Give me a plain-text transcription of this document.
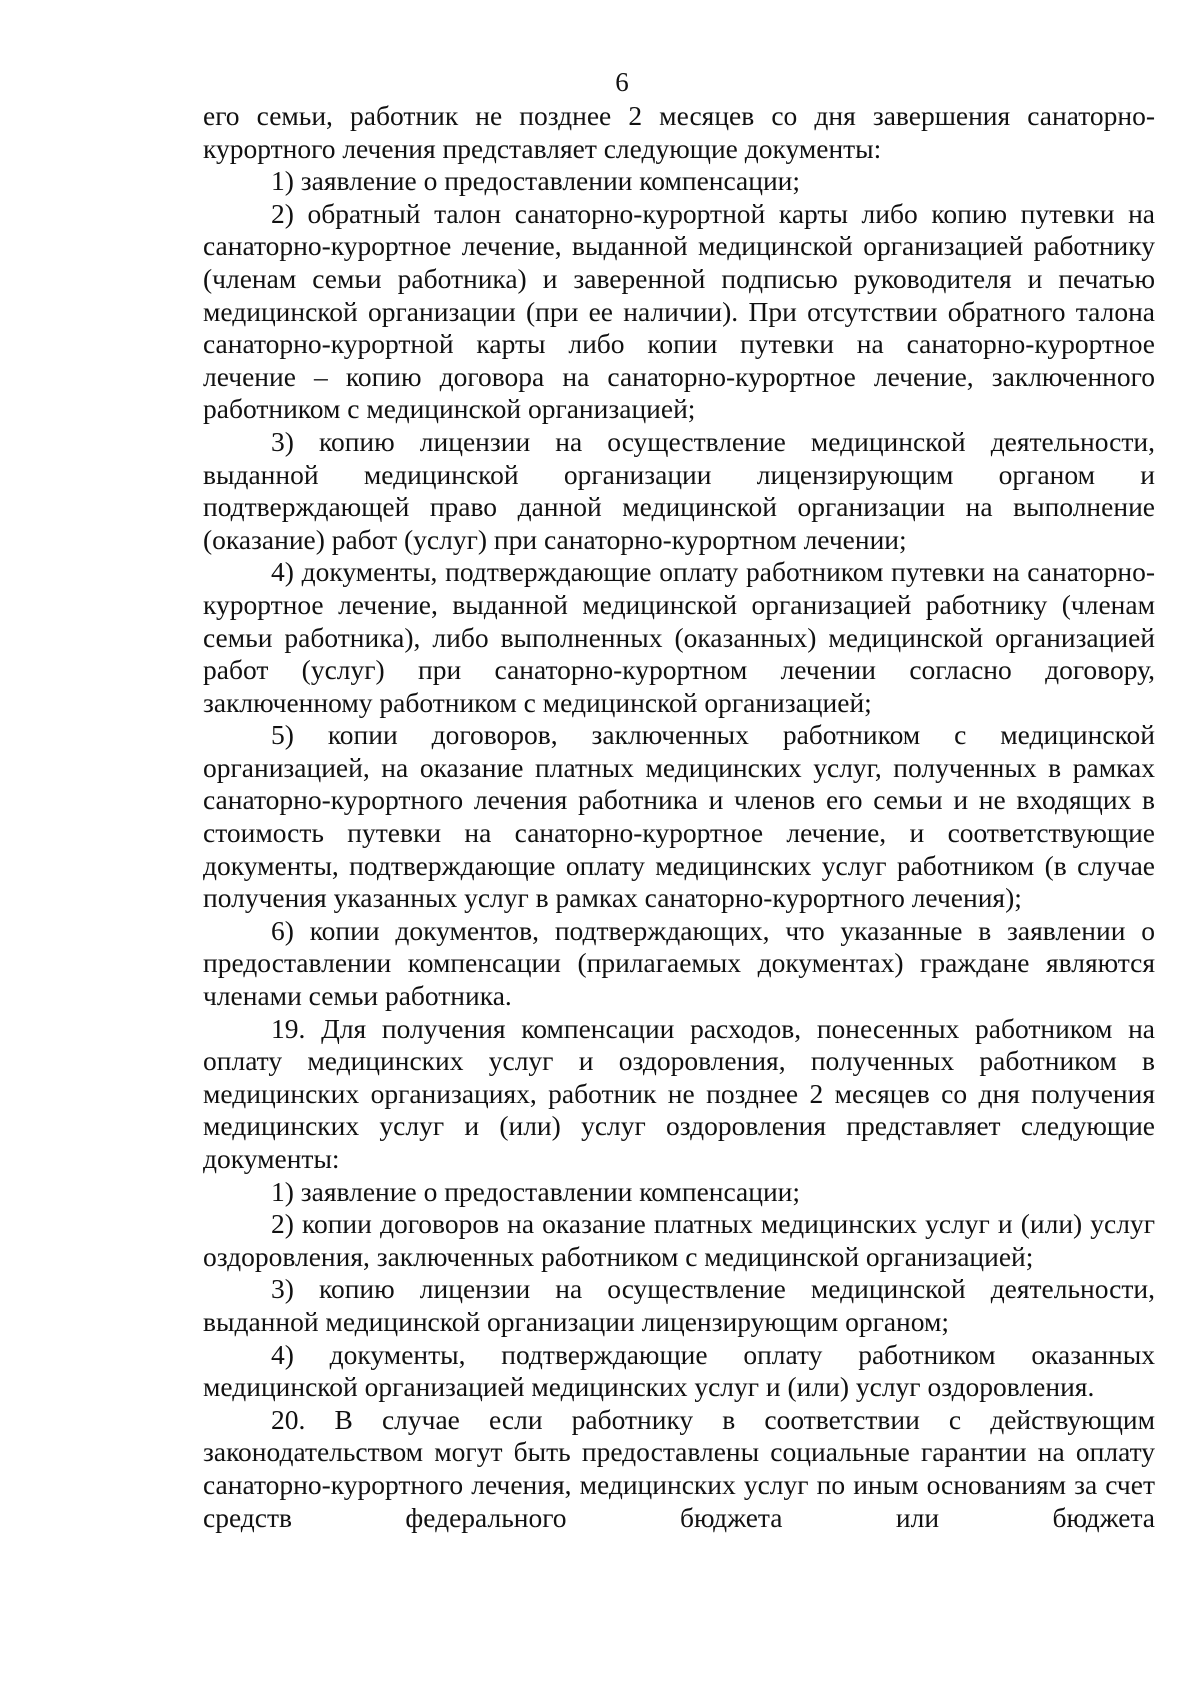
6

его семьи, работник не позднее 2 месяцев со дня завершения санаторно-курортного лечения представляет следующие документы:

1) заявление о предоставлении компенсации;

2) обратный талон санаторно-курортной карты либо копию путевки на санаторно-курортное лечение, выданной медицинской организацией работнику (членам семьи работника) и заверенной подписью руководителя и печатью медицинской организации (при ее наличии). При отсутствии обратного талона санаторно-курортной карты либо копии путевки на санаторно-курортное лечение – копию договора на санаторно-курортное лечение, заключенного работником с медицинской организацией;

3) копию лицензии на осуществление медицинской деятельности, выданной медицинской организации лицензирующим органом и подтверждающей право данной медицинской организации на выполнение (оказание) работ (услуг) при санаторно-курортном лечении;

4) документы, подтверждающие оплату работником путевки на санаторно-курортное лечение, выданной медицинской организацией работнику (членам семьи работника), либо выполненных (оказанных) медицинской организацией работ (услуг) при санаторно-курортном лечении согласно договору, заключенному работником с медицинской организацией;

5) копии договоров, заключенных работником с медицинской организацией, на оказание платных медицинских услуг, полученных в рамках санаторно-курортного лечения работника и членов его семьи и не входящих в стоимость путевки на санаторно-курортное лечение, и соответствующие документы, подтверждающие оплату медицинских услуг работником (в случае получения указанных услуг в рамках санаторно-курортного лечения);

6) копии документов, подтверждающих, что указанные в заявлении о предоставлении компенсации (прилагаемых документах) граждане являются членами семьи работника.

19. Для получения компенсации расходов, понесенных работником на оплату медицинских услуг и оздоровления, полученных работником в медицинских организациях, работник не позднее 2 месяцев со дня получения медицинских услуг и (или) услуг оздоровления представляет следующие документы:

1) заявление о предоставлении компенсации;

2) копии договоров на оказание платных медицинских услуг и (или) услуг оздоровления, заключенных работником с медицинской организацией;

3) копию лицензии на осуществление медицинской деятельности, выданной медицинской организации лицензирующим органом;

4) документы, подтверждающие оплату работником оказанных медицинской организацией медицинских услуг и (или) услуг оздоровления.

20. В случае если работнику в соответствии с действующим законодательством могут быть предоставлены социальные гарантии на оплату санаторно-курортного лечения, медицинских услуг по иным основаниям за счет средств федерального бюджета или бюджета
